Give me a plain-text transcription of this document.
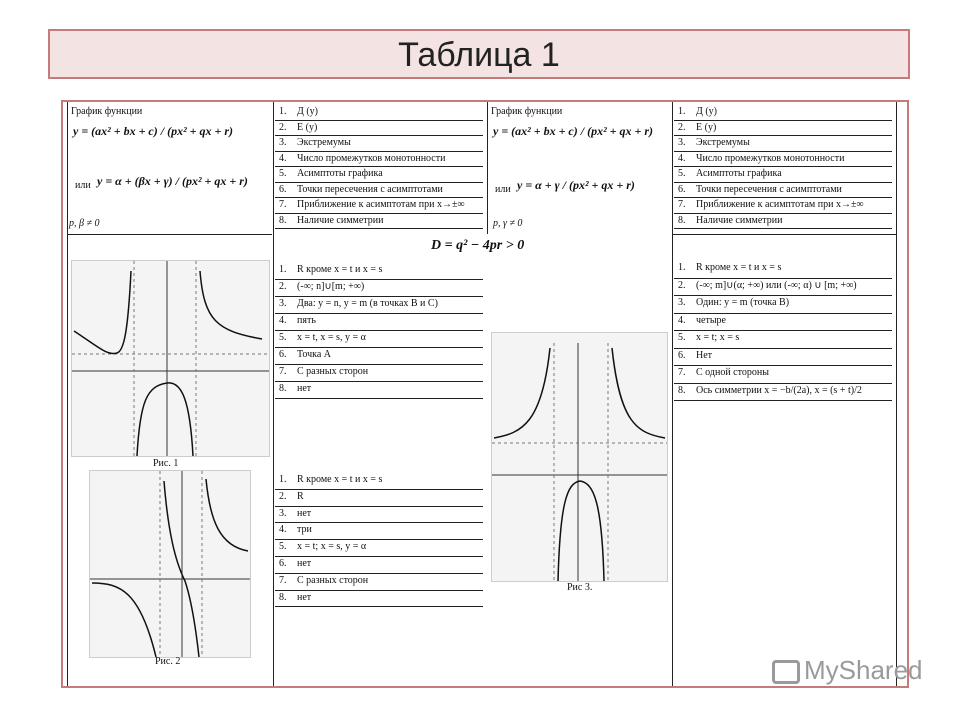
Таблица 1
График функции
y = (ax² + bx + c) / (px² + qx + r)
или y = α + (βx + γ) / (px² + qx + r)
p, β ≠ 0
1. Д (y)
2. Е (y)
3. Экстремумы
4. Число промежутков монотонности
5. Асимптоты графика
6. Точки пересечения с асимптотами
7. Приближение к асимптотам при x→±∞
8. Наличие симметрии
График функции
y = (ax² + bx + c) / (px² + qx + r)
или y = α + γ / (px² + qx + r)
p, γ ≠ 0
1. Д (y)
2. Е (y)
3. Экстремумы
4. Число промежутков монотонности
5. Асимптоты графика
6. Точки пересечения с асимптотами
7. Приближение к асимптотам при x→±∞
8. Наличие симметрии
D = q² − 4pr > 0
Рис. 1
1. R кроме x = t и x = s
2. (-∞; n]∪[m; +∞)
3. Два: y = n, y = m (в точках B и C)
4. пять
5. x = t, x = s, y = α
6. Точка A
7. С разных сторон
8. нет
Рис. 2
1. R кроме x = t и x = s
2. R
3. нет
4. три
5. x = t; x = s, y = α
6. нет
7. С разных сторон
8. нет
Рис 3.
1. R кроме x = t и x = s
2. (-∞; m]∪(α; +∞) или (-∞; α) ∪ [m; +∞)
3. Один: y = m (точка B)
4. четыре
5. x = t; x = s
6. Нет
7. С одной стороны
8. Ось симметрии x = −b/(2a), x = (s + t)/2
MyShared
